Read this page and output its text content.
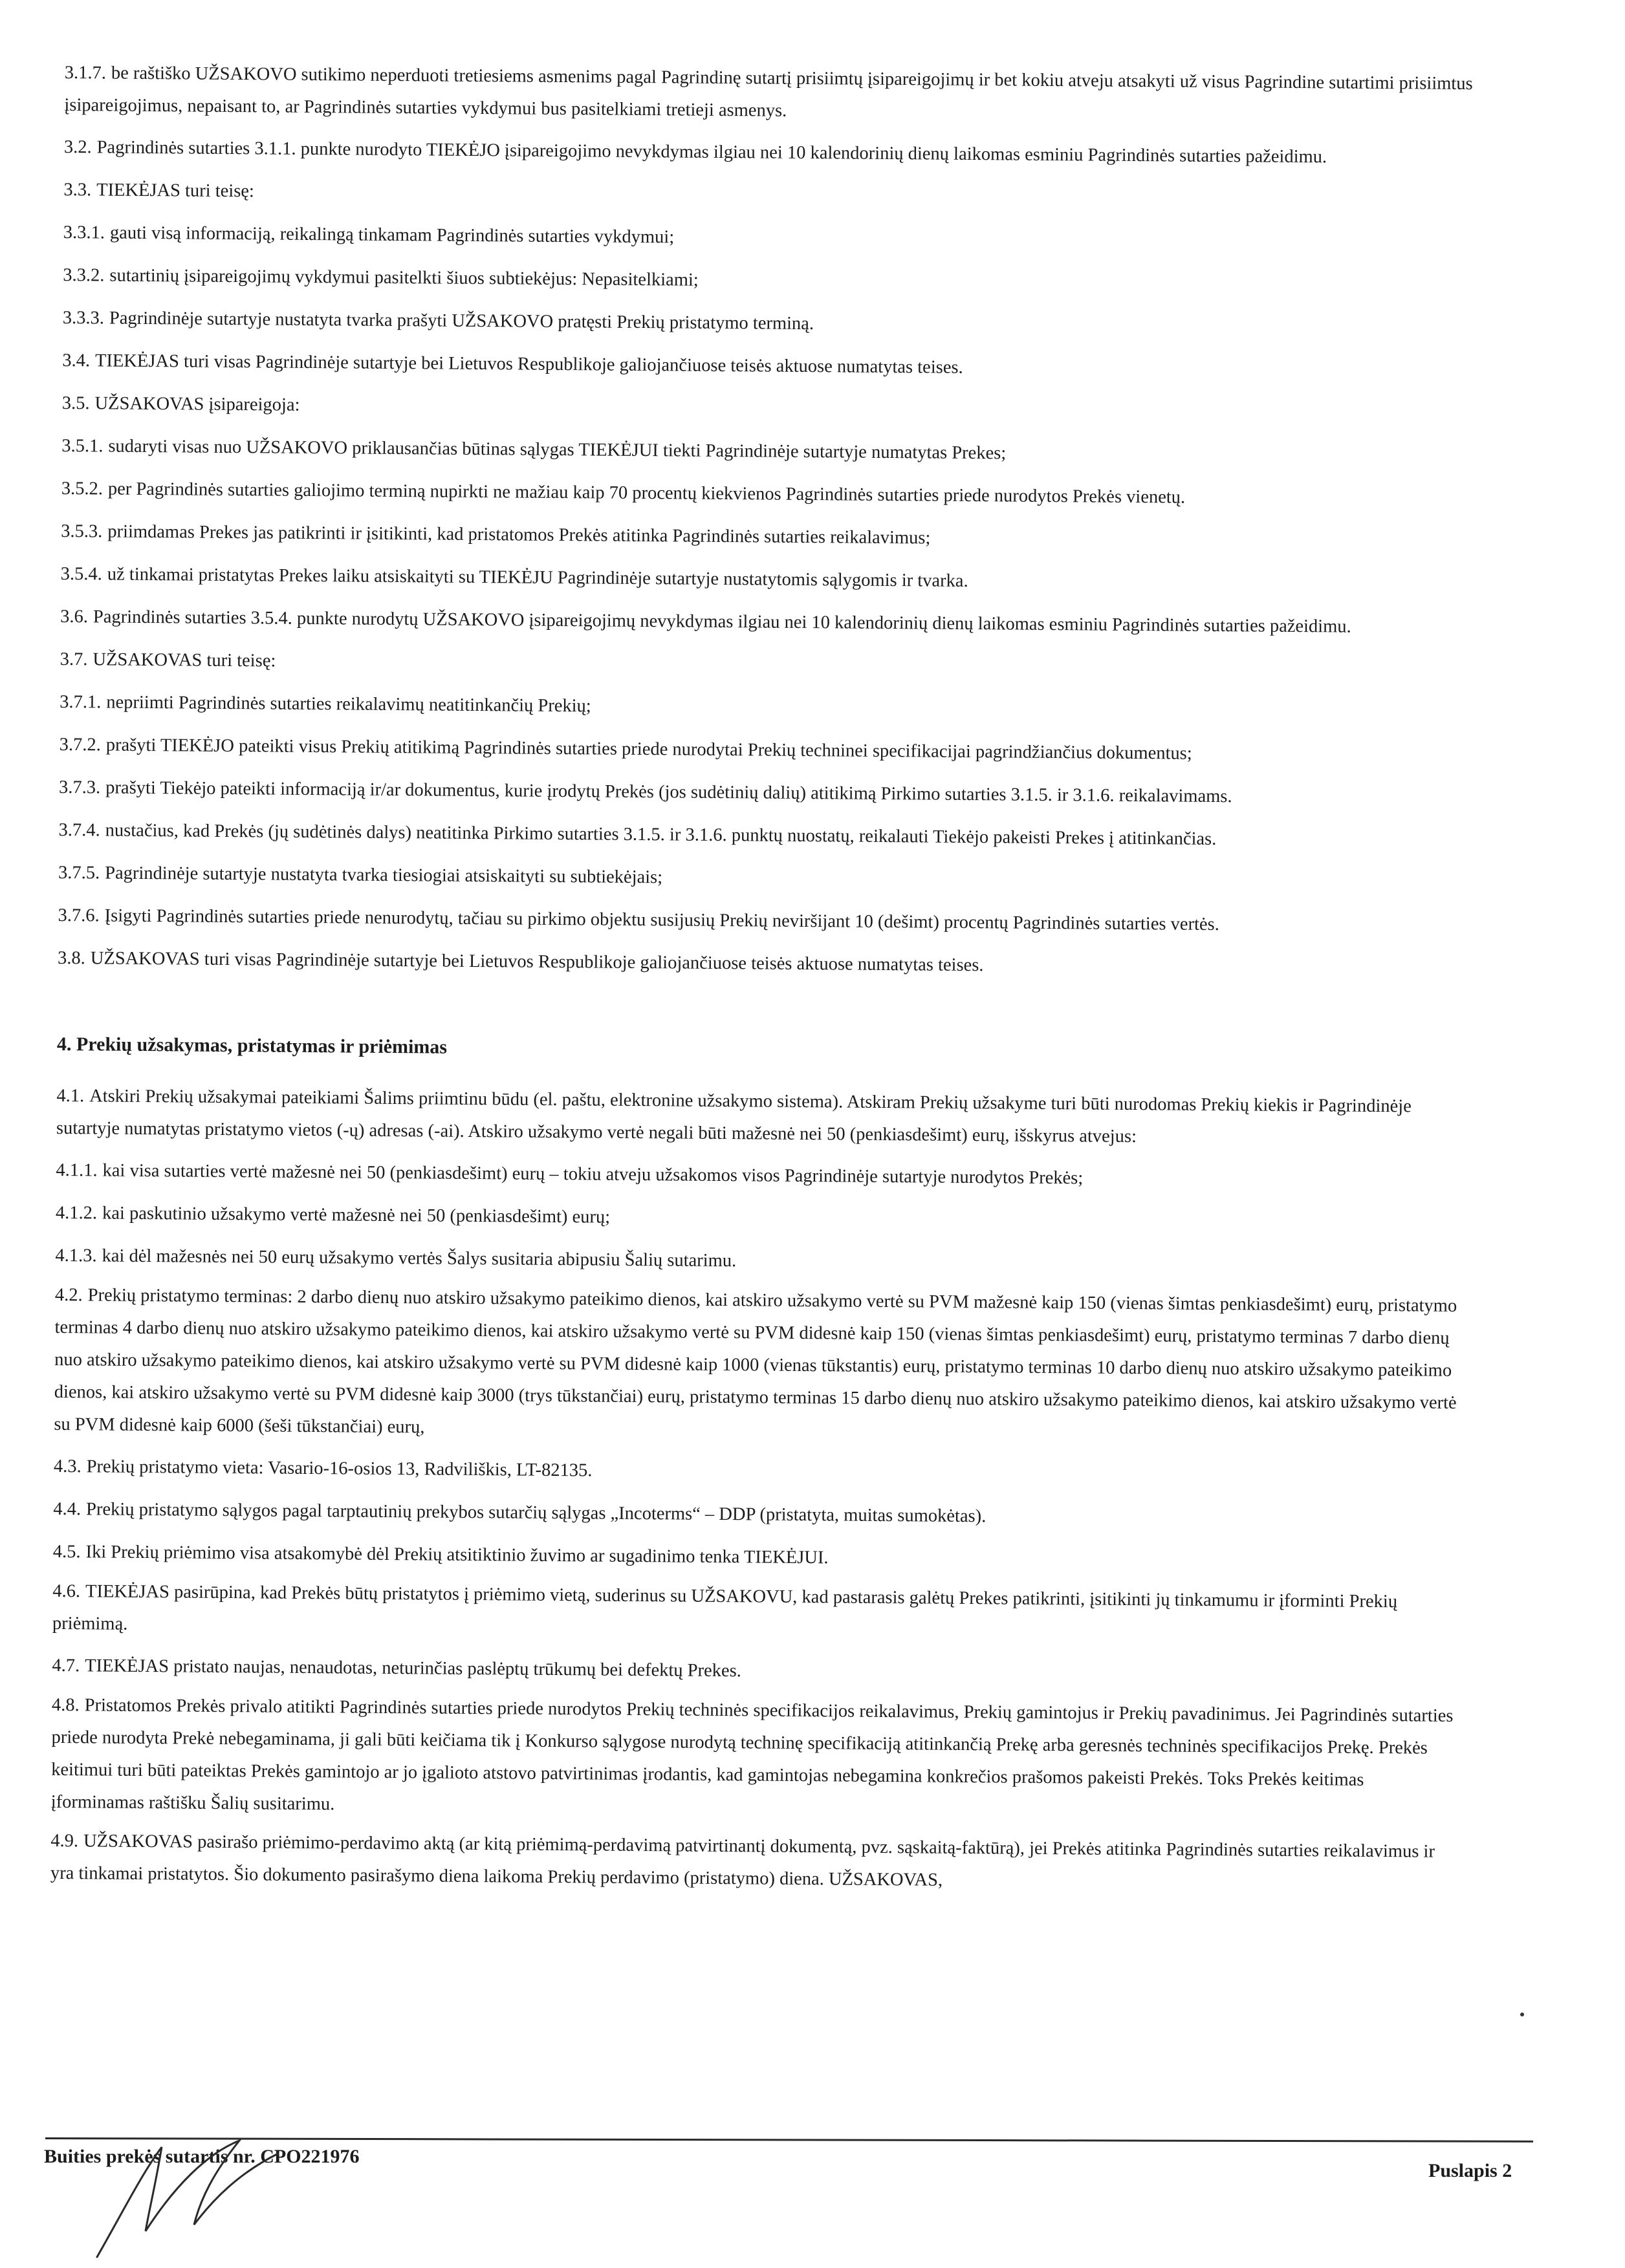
3.1.7. be raštiško UŽSAKOVO sutikimo neperduoti tretiesiems asmenims pagal Pagrindinę sutartį prisiimtų įsipareigojimų ir bet kokiu atveju atsakyti už visus Pagrindine sutartimi prisiimtus įsipareigojimus, nepaisant to, ar Pagrindinės sutarties vykdymui bus pasitelkiami tretieji asmenys.
3.2. Pagrindinės sutarties 3.1.1. punkte nurodyto TIEKĖJO įsipareigojimo nevykdymas ilgiau nei 10 kalendorinių dienų laikomas esminiu Pagrindinės sutarties pažeidimu.
3.3. TIEKĖJAS turi teisę:
3.3.1. gauti visą informaciją, reikalingą tinkamam Pagrindinės sutarties vykdymui;
3.3.2. sutartinių įsipareigojimų vykdymui pasitelkti šiuos subtiekėjus: Nepasitelkiami;
3.3.3. Pagrindinėje sutartyje nustatyta tvarka prašyti UŽSAKOVO pratęsti Prekių pristatymo terminą.
3.4. TIEKĖJAS turi visas Pagrindinėje sutartyje bei Lietuvos Respublikoje galiojančiuose teisės aktuose numatytas teises.
3.5. UŽSAKOVAS įsipareigoja:
3.5.1. sudaryti visas nuo UŽSAKOVO priklausančias būtinas sąlygas TIEKĖJUI tiekti Pagrindinėje sutartyje numatytas Prekes;
3.5.2. per Pagrindinės sutarties galiojimo terminą nupirkti ne mažiau kaip 70 procentų kiekvienos Pagrindinės sutarties priede nurodytos Prekės vienetų.
3.5.3. priimdamas Prekes jas patikrinti ir įsitikinti, kad pristatomos Prekės atitinka Pagrindinės sutarties reikalavimus;
3.5.4. už tinkamai pristatytas Prekes laiku atsiskaityti su TIEKĖJU Pagrindinėje sutartyje nustatytomis sąlygomis ir tvarka.
3.6. Pagrindinės sutarties 3.5.4. punkte nurodytų UŽSAKOVO įsipareigojimų nevykdymas ilgiau nei 10 kalendorinių dienų laikomas esminiu Pagrindinės sutarties pažeidimu.
3.7. UŽSAKOVAS turi teisę:
3.7.1. nepriimti Pagrindinės sutarties reikalavimų neatitinkančių Prekių;
3.7.2. prašyti TIEKĖJO pateikti visus Prekių atitikimą Pagrindinės sutarties priede nurodytai Prekių techninei specifikacijai pagrindžiančius dokumentus;
3.7.3. prašyti Tiekėjo pateikti informaciją ir/ar dokumentus, kurie įrodytų Prekės (jos sudėtinių dalių) atitikimą Pirkimo sutarties 3.1.5. ir 3.1.6. reikalavimams.
3.7.4. nustačius, kad Prekės (jų sudėtinės dalys) neatitinka Pirkimo sutarties 3.1.5. ir 3.1.6. punktų nuostatų, reikalauti Tiekėjo pakeisti Prekes į atitinkančias.
3.7.5. Pagrindinėje sutartyje nustatyta tvarka tiesiogiai atsiskaityti su subtiekėjais;
3.7.6. Įsigyti Pagrindinės sutarties priede nenurodytų, tačiau su pirkimo objektu susijusių Prekių neviršijant 10 (dešimt) procentų Pagrindinės sutarties vertės.
3.8. UŽSAKOVAS turi visas Pagrindinėje sutartyje bei Lietuvos Respublikoje galiojančiuose teisės aktuose numatytas teises.
4. Prekių užsakymas, pristatymas ir priėmimas
4.1. Atskiri Prekių užsakymai pateikiami Šalims priimtinu būdu (el. paštu, elektronine užsakymo sistema). Atskiram Prekių užsakyme turi būti nurodomas Prekių kiekis ir Pagrindinėje sutartyje numatytas pristatymo vietos (-ų) adresas (-ai). Atskiro užsakymo vertė negali būti mažesnė nei 50 (penkiasdešimt) eurų, išskyrus atvejus:
4.1.1. kai visa sutarties vertė mažesnė nei 50 (penkiasdešimt) eurų – tokiu atveju užsakomos visos Pagrindinėje sutartyje nurodytos Prekės;
4.1.2. kai paskutinio užsakymo vertė mažesnė nei 50 (penkiasdešimt) eurų;
4.1.3. kai dėl mažesnės nei 50 eurų užsakymo vertės Šalys susitaria abipusiu Šalių sutarimu.
4.2. Prekių pristatymo terminas: 2 darbo dienų nuo atskiro užsakymo pateikimo dienos, kai atskiro užsakymo vertė su PVM mažesnė kaip 150 (vienas šimtas penkiasdešimt) eurų, pristatymo terminas 4 darbo dienų nuo atskiro užsakymo pateikimo dienos, kai atskiro užsakymo vertė su PVM didesnė kaip 150 (vienas šimtas penkiasdešimt) eurų, pristatymo terminas 7 darbo dienų nuo atskiro užsakymo pateikimo dienos, kai atskiro užsakymo vertė su PVM didesnė kaip 1000 (vienas tūkstantis) eurų, pristatymo terminas 10 darbo dienų nuo atskiro užsakymo pateikimo dienos, kai atskiro užsakymo vertė su PVM didesnė kaip 3000 (trys tūkstančiai) eurų, pristatymo terminas 15 darbo dienų nuo atskiro užsakymo pateikimo dienos, kai atskiro užsakymo vertė su PVM didesnė kaip 6000 (šeši tūkstančiai) eurų,
4.3. Prekių pristatymo vieta: Vasario-16-osios 13, Radviliškis, LT-82135.
4.4. Prekių pristatymo sąlygos pagal tarptautinių prekybos sutarčių sąlygas „Incoterms“ – DDP (pristatyta, muitas sumokėtas).
4.5. Iki Prekių priėmimo visa atsakomybė dėl Prekių atsitiktinio žuvimo ar sugadinimo tenka TIEKĖJUI.
4.6. TIEKĖJAS pasirūpina, kad Prekės būtų pristatytos į priėmimo vietą, suderinus su UŽSAKOVU, kad pastarasis galėtų Prekes patikrinti, įsitikinti jų tinkamumu ir įforminti Prekių priėmimą.
4.7. TIEKĖJAS pristato naujas, nenaudotas, neturinčias paslėptų trūkumų bei defektų Prekes.
4.8. Pristatomos Prekės privalo atitikti Pagrindinės sutarties priede nurodytos Prekių techninės specifikacijos reikalavimus, Prekių gamintojus ir Prekių pavadinimus. Jei Pagrindinės sutarties priede nurodyta Prekė nebegaminama, ji gali būti keičiama tik į Konkurso sąlygose nurodytą techninę specifikaciją atitinkančią Prekę arba geresnės techninės specifikacijos Prekę. Prekės keitimui turi būti pateiktas Prekės gamintojo ar jo įgalioto atstovo patvirtinimas įrodantis, kad gamintojas nebegamina konkrečios prašomos pakeisti Prekės. Toks Prekės keitimas įforminamas raštišku Šalių susitarimu.
4.9. UŽSAKOVAS pasirašo priėmimo-perdavimo aktą (ar kitą priėmimą-perdavimą patvirtinantį dokumentą, pvz. sąskaitą-faktūrą), jei Prekės atitinka Pagrindinės sutarties reikalavimus ir yra tinkamai pristatytos. Šio dokumento pasirašymo diena laikoma Prekių perdavimo (pristatymo) diena. UŽSAKOVAS,
Buities prekės sutartis nr. CPO221976
Puslapis 2
